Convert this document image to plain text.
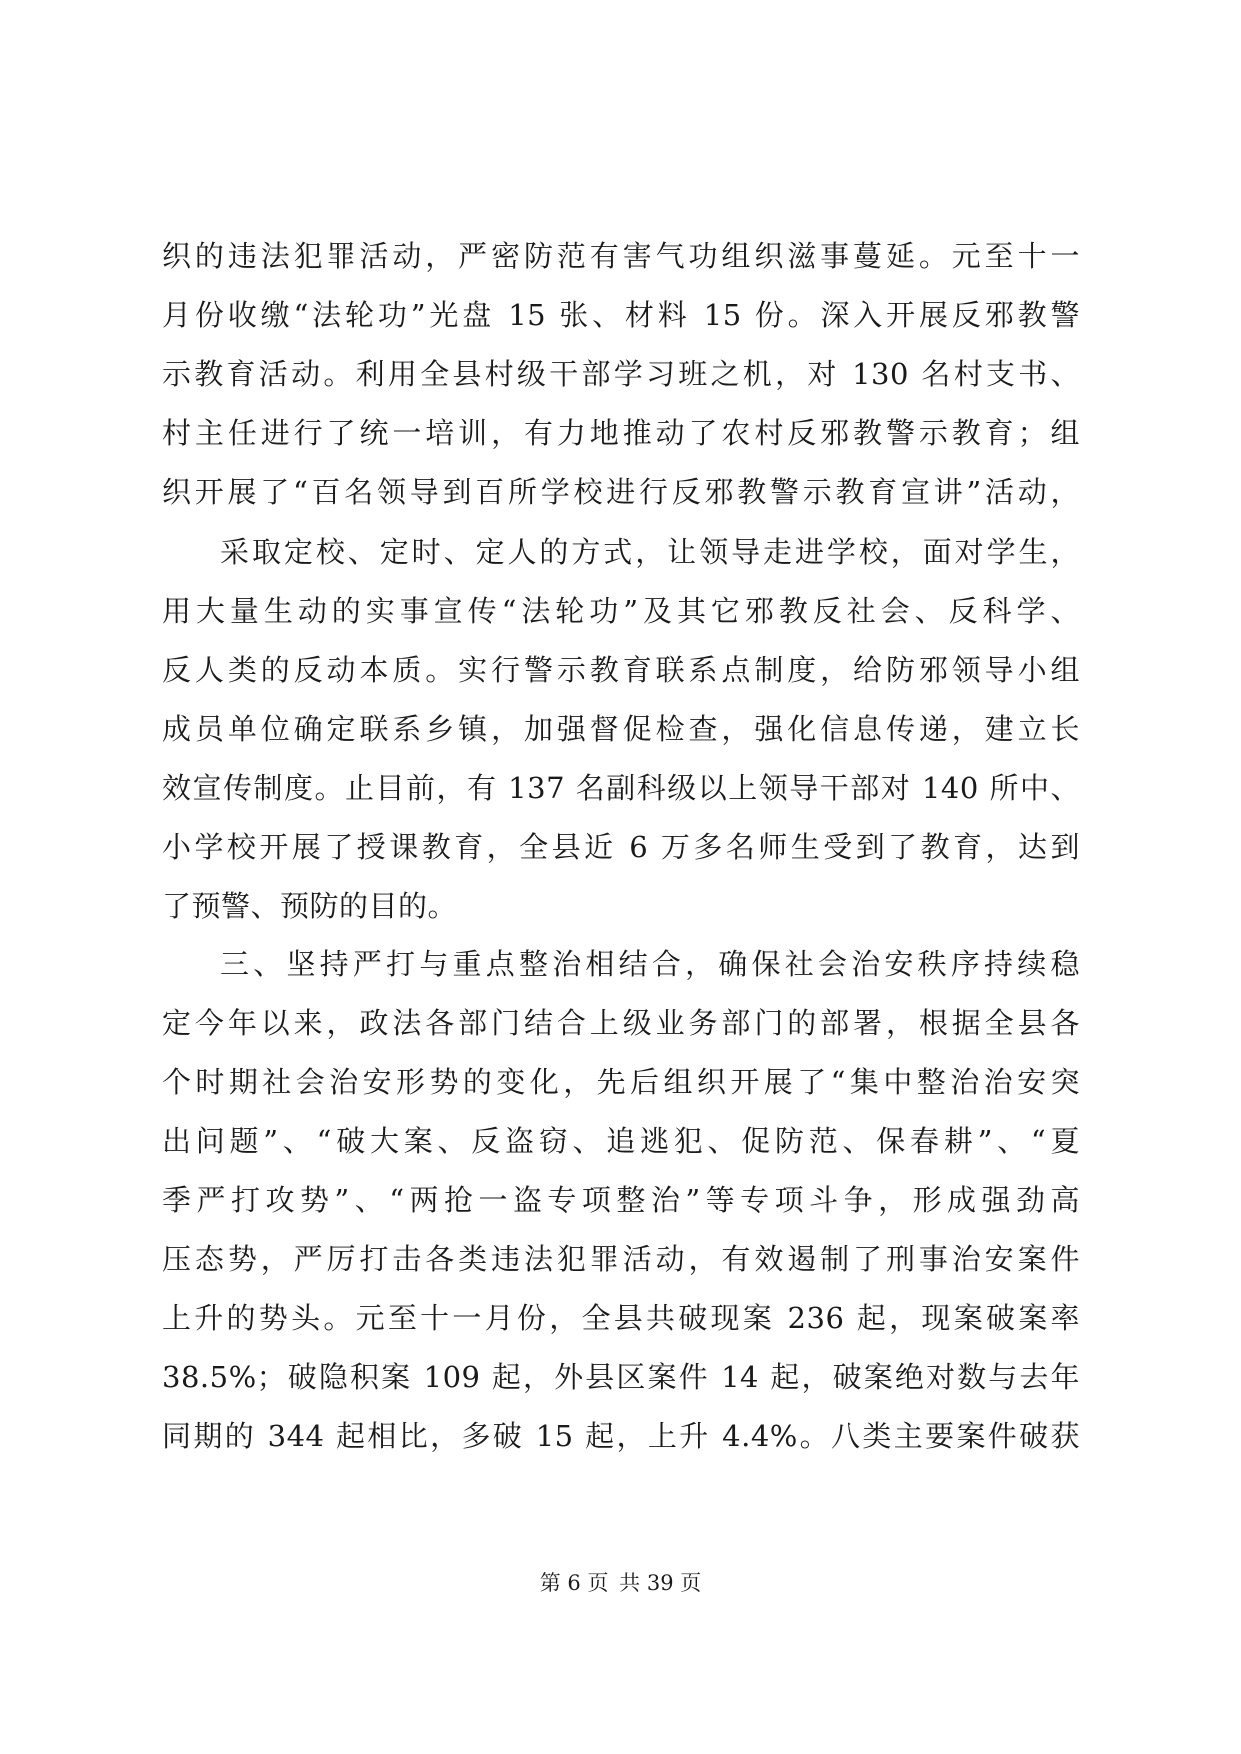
织的违法犯罪活动，严密防范有害气功组织滋事蔓延。元至十一
月份收缴“法轮功”光盘 15 张、材料 15 份。深入开展反邪教警
示教育活动。利用全县村级干部学习班之机，对 130 名村支书、
村主任进行了统一培训，有力地推动了农村反邪教警示教育；组
织开展了“百名领导到百所学校进行反邪教警示教育宣讲”活动，
采取定校、定时、定人的方式，让领导走进学校，面对学生，
用大量生动的实事宣传“法轮功”及其它邪教反社会、反科学、
反人类的反动本质。实行警示教育联系点制度，给防邪领导小组
成员单位确定联系乡镇，加强督促检查，强化信息传递，建立长
效宣传制度。止目前，有 137 名副科级以上领导干部对 140 所中、
小学校开展了授课教育，全县近 6 万多名师生受到了教育，达到
了预警、预防的目的。
三、坚持严打与重点整治相结合，确保社会治安秩序持续稳
定今年以来，政法各部门结合上级业务部门的部署，根据全县各
个时期社会治安形势的变化，先后组织开展了“集中整治治安突
出问题”、“破大案、反盗窃、追逃犯、促防范、保春耕”、“夏
季严打攻势”、“两抢一盗专项整治”等专项斗争，形成强劲高
压态势，严厉打击各类违法犯罪活动，有效遏制了刑事治安案件
上升的势头。元至十一月份，全县共破现案 236 起，现案破案率
38.5%；破隐积案 109 起，外县区案件 14 起，破案绝对数与去年
同期的 344 起相比，多破 15 起，上升 4.4%。八类主要案件破获
第 6 页 共 39 页
